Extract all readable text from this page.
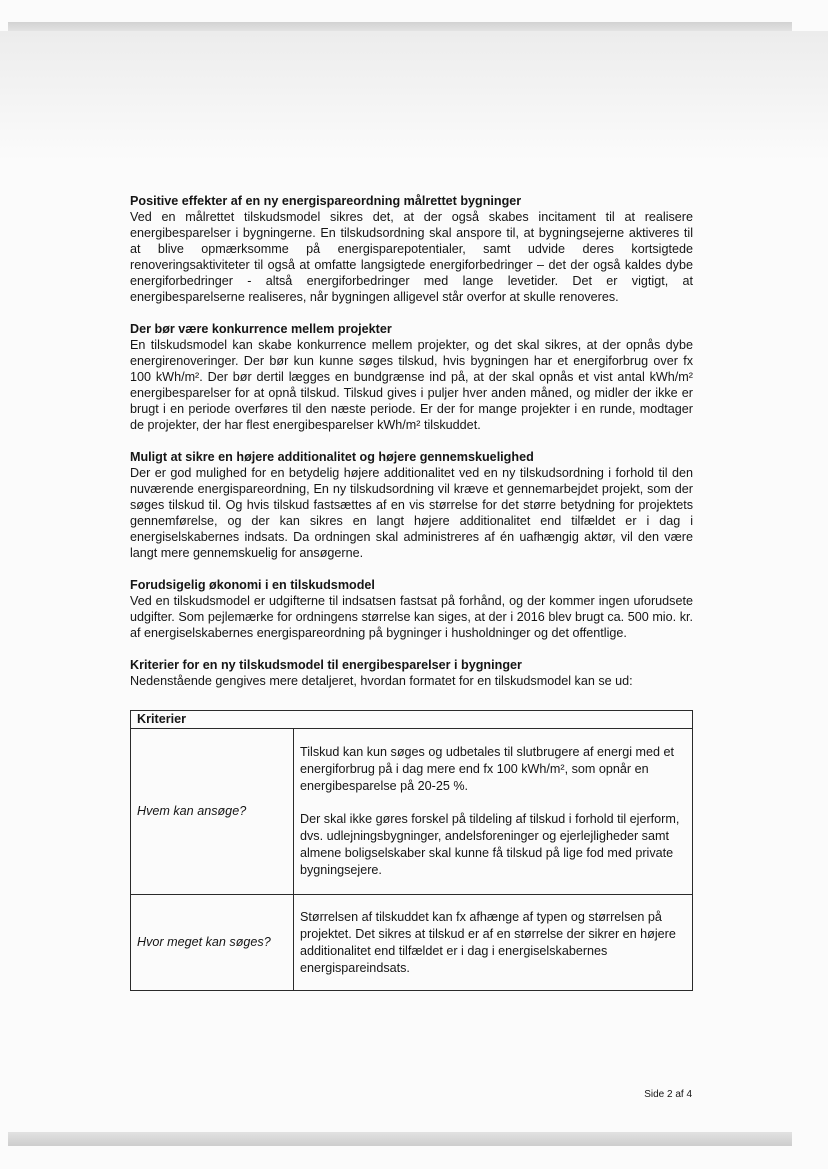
Positive effekter af en ny energispareordning målrettet bygninger

Ved en målrettet tilskudsmodel sikres det, at der også skabes incitament til at realisere energibesparelser i bygningerne. En tilskudsordning skal anspore til, at bygningsejerne aktiveres til at blive opmærksomme på energisparepotentialer, samt udvide deres kortsigtede renoveringsaktiviteter til også at omfatte langsigtede energiforbedringer – det der også kaldes dybe energiforbedringer - altså energiforbedringer med lange levetider. Det er vigtigt, at energibesparelserne realiseres, når bygningen alligevel står overfor at skulle renoveres.

Der bør være konkurrence mellem projekter

En tilskudsmodel kan skabe konkurrence mellem projekter, og det skal sikres, at der opnås dybe energirenoveringer. Der bør kun kunne søges tilskud, hvis bygningen har et energiforbrug over fx 100 kWh/m². Der bør dertil lægges en bundgrænse ind på, at der skal opnås et vist antal kWh/m² energibesparelser for at opnå tilskud. Tilskud gives i puljer hver anden måned, og midler der ikke er brugt i en periode overføres til den næste periode. Er der for mange projekter i en runde, modtager de projekter, der har flest energibesparelser kWh/m² tilskuddet.

Muligt at sikre en højere additionalitet og højere gennemskuelighed

Der er god mulighed for en betydelig højere additionalitet ved en ny tilskudsordning i forhold til den nuværende energispareordning, En ny tilskudsordning vil kræve et gennemarbejdet projekt, som der søges tilskud til. Og hvis tilskud fastsættes af en vis størrelse for det større betydning for projektets gennemførelse, og der kan sikres en langt højere additionalitet end tilfældet er i dag i energiselskabernes indsats. Da ordningen skal administreres af én uafhængig aktør, vil den være langt mere gennemskuelig for ansøgerne.

Forudsigelig økonomi i en tilskudsmodel

Ved en tilskudsmodel er udgifterne til indsatsen fastsat på forhånd, og der kommer ingen uforudsete udgifter. Som pejlemærke for ordningens størrelse kan siges, at der i 2016 blev brugt ca. 500 mio. kr. af energiselskabernes energispareordning på bygninger i husholdninger og det offentlige.

Kriterier for en ny tilskudsmodel til energibesparelser i bygninger

Nedenstående gengives mere detaljeret, hvordan formatet for en tilskudsmodel kan se ud:

Kriterier	
Hvem kan ansøge?	Tilskud kan kun søges og udbetales til slutbrugere af energi med et energiforbrug på i dag mere end fx 100 kWh/m², som opnår en energibesparelse på 20-25 %.

Der skal ikke gøres forskel på tildeling af tilskud i forhold til ejerform, dvs. udlejningsbygninger, andelsforeninger og ejerlejligheder samt almene boligselskaber skal kunne få tilskud på lige fod med private bygningsejere.

Hvor meget kan søges?	Størrelsen af tilskuddet kan fx afhænge af typen og størrelsen på projektet. Det sikres at tilskud er af en størrelse der sikrer en højere additionalitet end tilfældet er i dag i energiselskabernes energispareindsats.

Side 2 af 4
